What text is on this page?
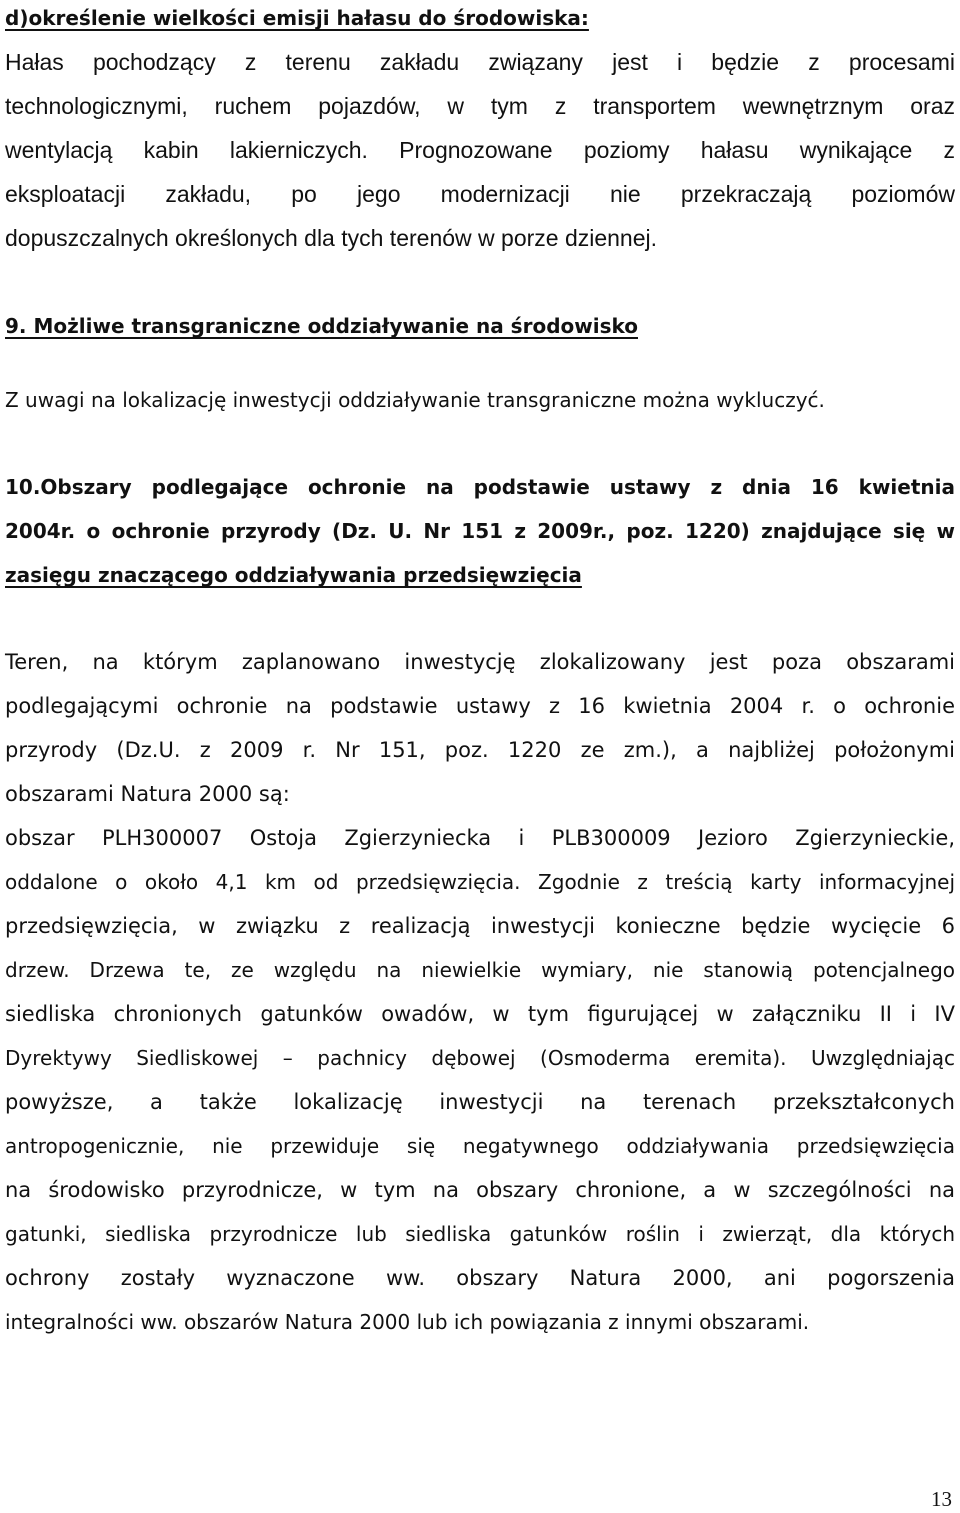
d)określenie wielkości emisji hałasu do środowiska:
Hałas pochodzący z terenu zakładu związany jest i będzie z procesami
technologicznymi, ruchem pojazdów, w tym z transportem wewnętrznym oraz
wentylacją kabin lakierniczych. Prognozowane poziomy hałasu wynikające z
eksploatacji zakładu, po jego modernizacji nie przekraczają poziomów
dopuszczalnych określonych dla tych terenów w porze dziennej.
9. Możliwe transgraniczne oddziaływanie na środowisko
Z uwagi na lokalizację inwestycji oddziaływanie transgraniczne można wykluczyć.
10.Obszary podlegające ochronie na podstawie ustawy z dnia 16 kwietnia
2004r. o ochronie przyrody (Dz. U. Nr 151 z 2009r., poz. 1220) znajdujące się w
zasięgu znaczącego oddziaływania przedsięwzięcia
Teren, na którym zaplanowano inwestycję zlokalizowany jest poza obszarami
podlegającymi ochronie na podstawie ustawy z 16 kwietnia 2004 r. o ochronie
przyrody (Dz.U. z 2009 r. Nr 151, poz. 1220 ze zm.), a najbliżej położonymi
obszarami Natura 2000 są:
obszar PLH300007 Ostoja Zgierzyniecka i PLB300009 Jezioro Zgierzynieckie,
oddalone o około 4,1 km od przedsięwzięcia. Zgodnie z treścią karty informacyjnej
przedsięwzięcia, w związku z realizacją inwestycji konieczne będzie wycięcie 6
drzew. Drzewa te, ze względu na niewielkie wymiary, nie stanowią potencjalnego
siedliska chronionych gatunków owadów, w tym figurującej w załączniku II i IV
Dyrektywy Siedliskowej – pachnicy dębowej (Osmoderma eremita). Uwzględniając
powyższe, a także lokalizację inwestycji na terenach przekształconych
antropogenicznie, nie przewiduje się negatywnego oddziaływania przedsięwzięcia
na środowisko przyrodnicze, w tym na obszary chronione, a w szczególności na
gatunki, siedliska przyrodnicze lub siedliska gatunków roślin i zwierząt, dla których
ochrony zostały wyznaczone ww. obszary Natura 2000, ani pogorszenia
integralności ww. obszarów Natura 2000 lub ich powiązania z innymi obszarami.
13
